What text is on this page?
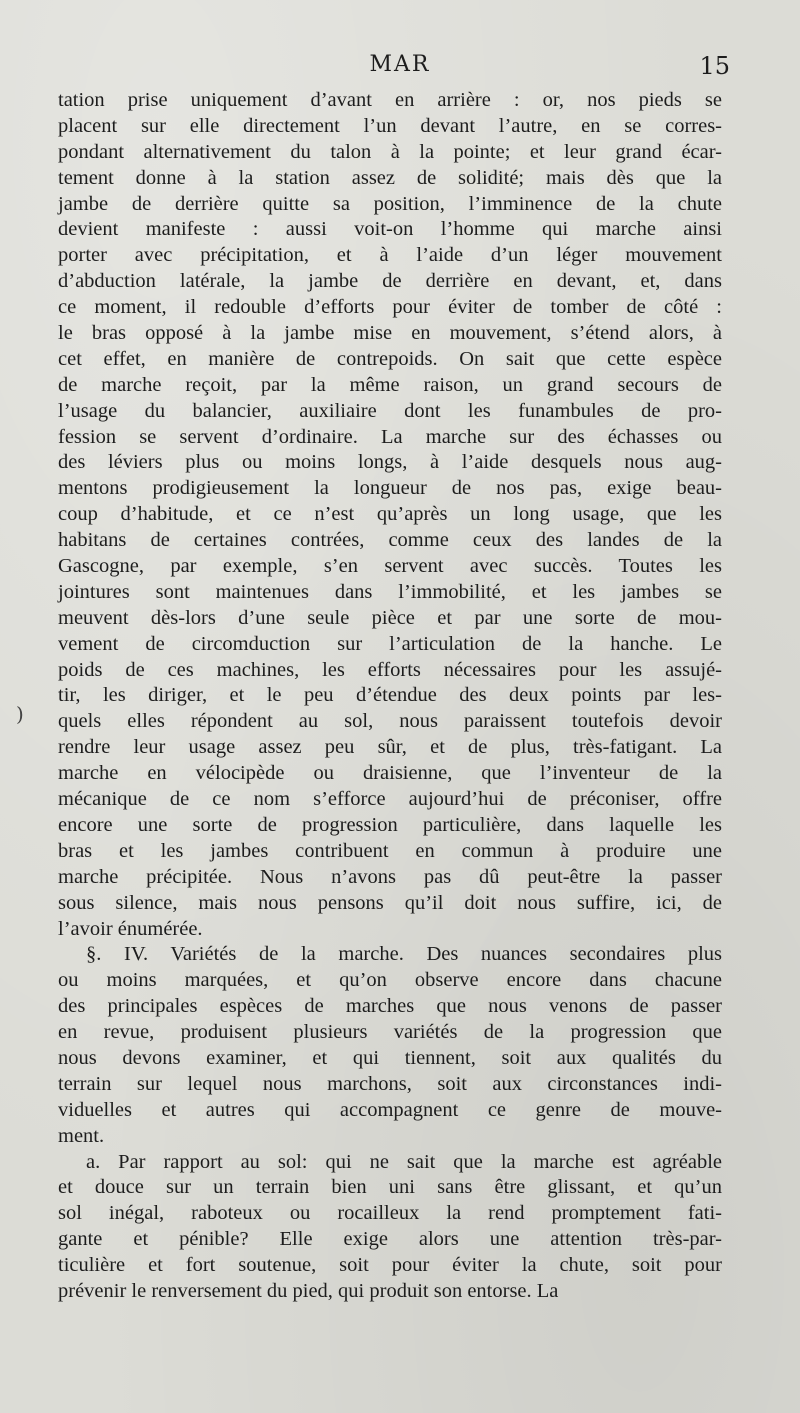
MAR	15
tation prise uniquement d’avant en arrière : or, nos pieds se
placent sur elle directement l’un devant l’autre, en se corres-
pondant alternativement du talon à la pointe; et leur grand écar-
tement donne à la station assez de solidité; mais dès que la
jambe de derrière quitte sa position, l’imminence de la chute
devient manifeste : aussi voit-on l’homme qui marche ainsi
porter avec précipitation, et à l’aide d’un léger mouvement
d’abduction latérale, la jambe de derrière en devant, et, dans
ce moment, il redouble d’efforts pour éviter de tomber de côté :
le bras opposé à la jambe mise en mouvement, s’étend alors, à
cet effet, en manière de contrepoids. On sait que cette espèce
de marche reçoit, par la même raison, un grand secours de
l’usage du balancier, auxiliaire dont les funambules de pro-
fession se servent d’ordinaire. La marche sur des échasses ou
des léviers plus ou moins longs, à l’aide desquels nous aug-
mentons prodigieusement la longueur de nos pas, exige beau-
coup d’habitude, et ce n’est qu’après un long usage, que les
habitans de certaines contrées, comme ceux des landes de la
Gascogne, par exemple, s’en servent avec succès. Toutes les
jointures sont maintenues dans l’immobilité, et les jambes se
meuvent dès-lors d’une seule pièce et par une sorte de mou-
vement de circomduction sur l’articulation de la hanche. Le
poids de ces machines, les efforts nécessaires pour les assujé-
tir, les diriger, et le peu d’étendue des deux points par les-
quels elles répondent au sol, nous paraissent toutefois devoir
rendre leur usage assez peu sûr, et de plus, très-fatigant. La
marche en vélocipède ou draisienne, que l’inventeur de la
mécanique de ce nom s’efforce aujourd’hui de préconiser, offre
encore une sorte de progression particulière, dans laquelle les
bras et les jambes contribuent en commun à produire une
marche précipitée. Nous n’avons pas dû peut-être la passer
sous silence, mais nous pensons qu’il doit nous suffire, ici, de
l’avoir énumérée.
§. IV. Variétés de la marche. Des nuances secondaires plus
ou moins marquées, et qu’on observe encore dans chacune
des principales espèces de marches que nous venons de passer
en revue, produisent plusieurs variétés de la progression que
nous devons examiner, et qui tiennent, soit aux qualités du
terrain sur lequel nous marchons, soit aux circonstances indi-
viduelles et autres qui accompagnent ce genre de mouve-
ment.
a. Par rapport au sol: qui ne sait que la marche est agréable
et douce sur un terrain bien uni sans être glissant, et qu’un
sol inégal, raboteux ou rocailleux la rend promptement fati-
gante et pénible? Elle exige alors une attention très-par-
ticulière et fort soutenue, soit pour éviter la chute, soit pour
prévenir le renversement du pied, qui produit son entorse. La
)
